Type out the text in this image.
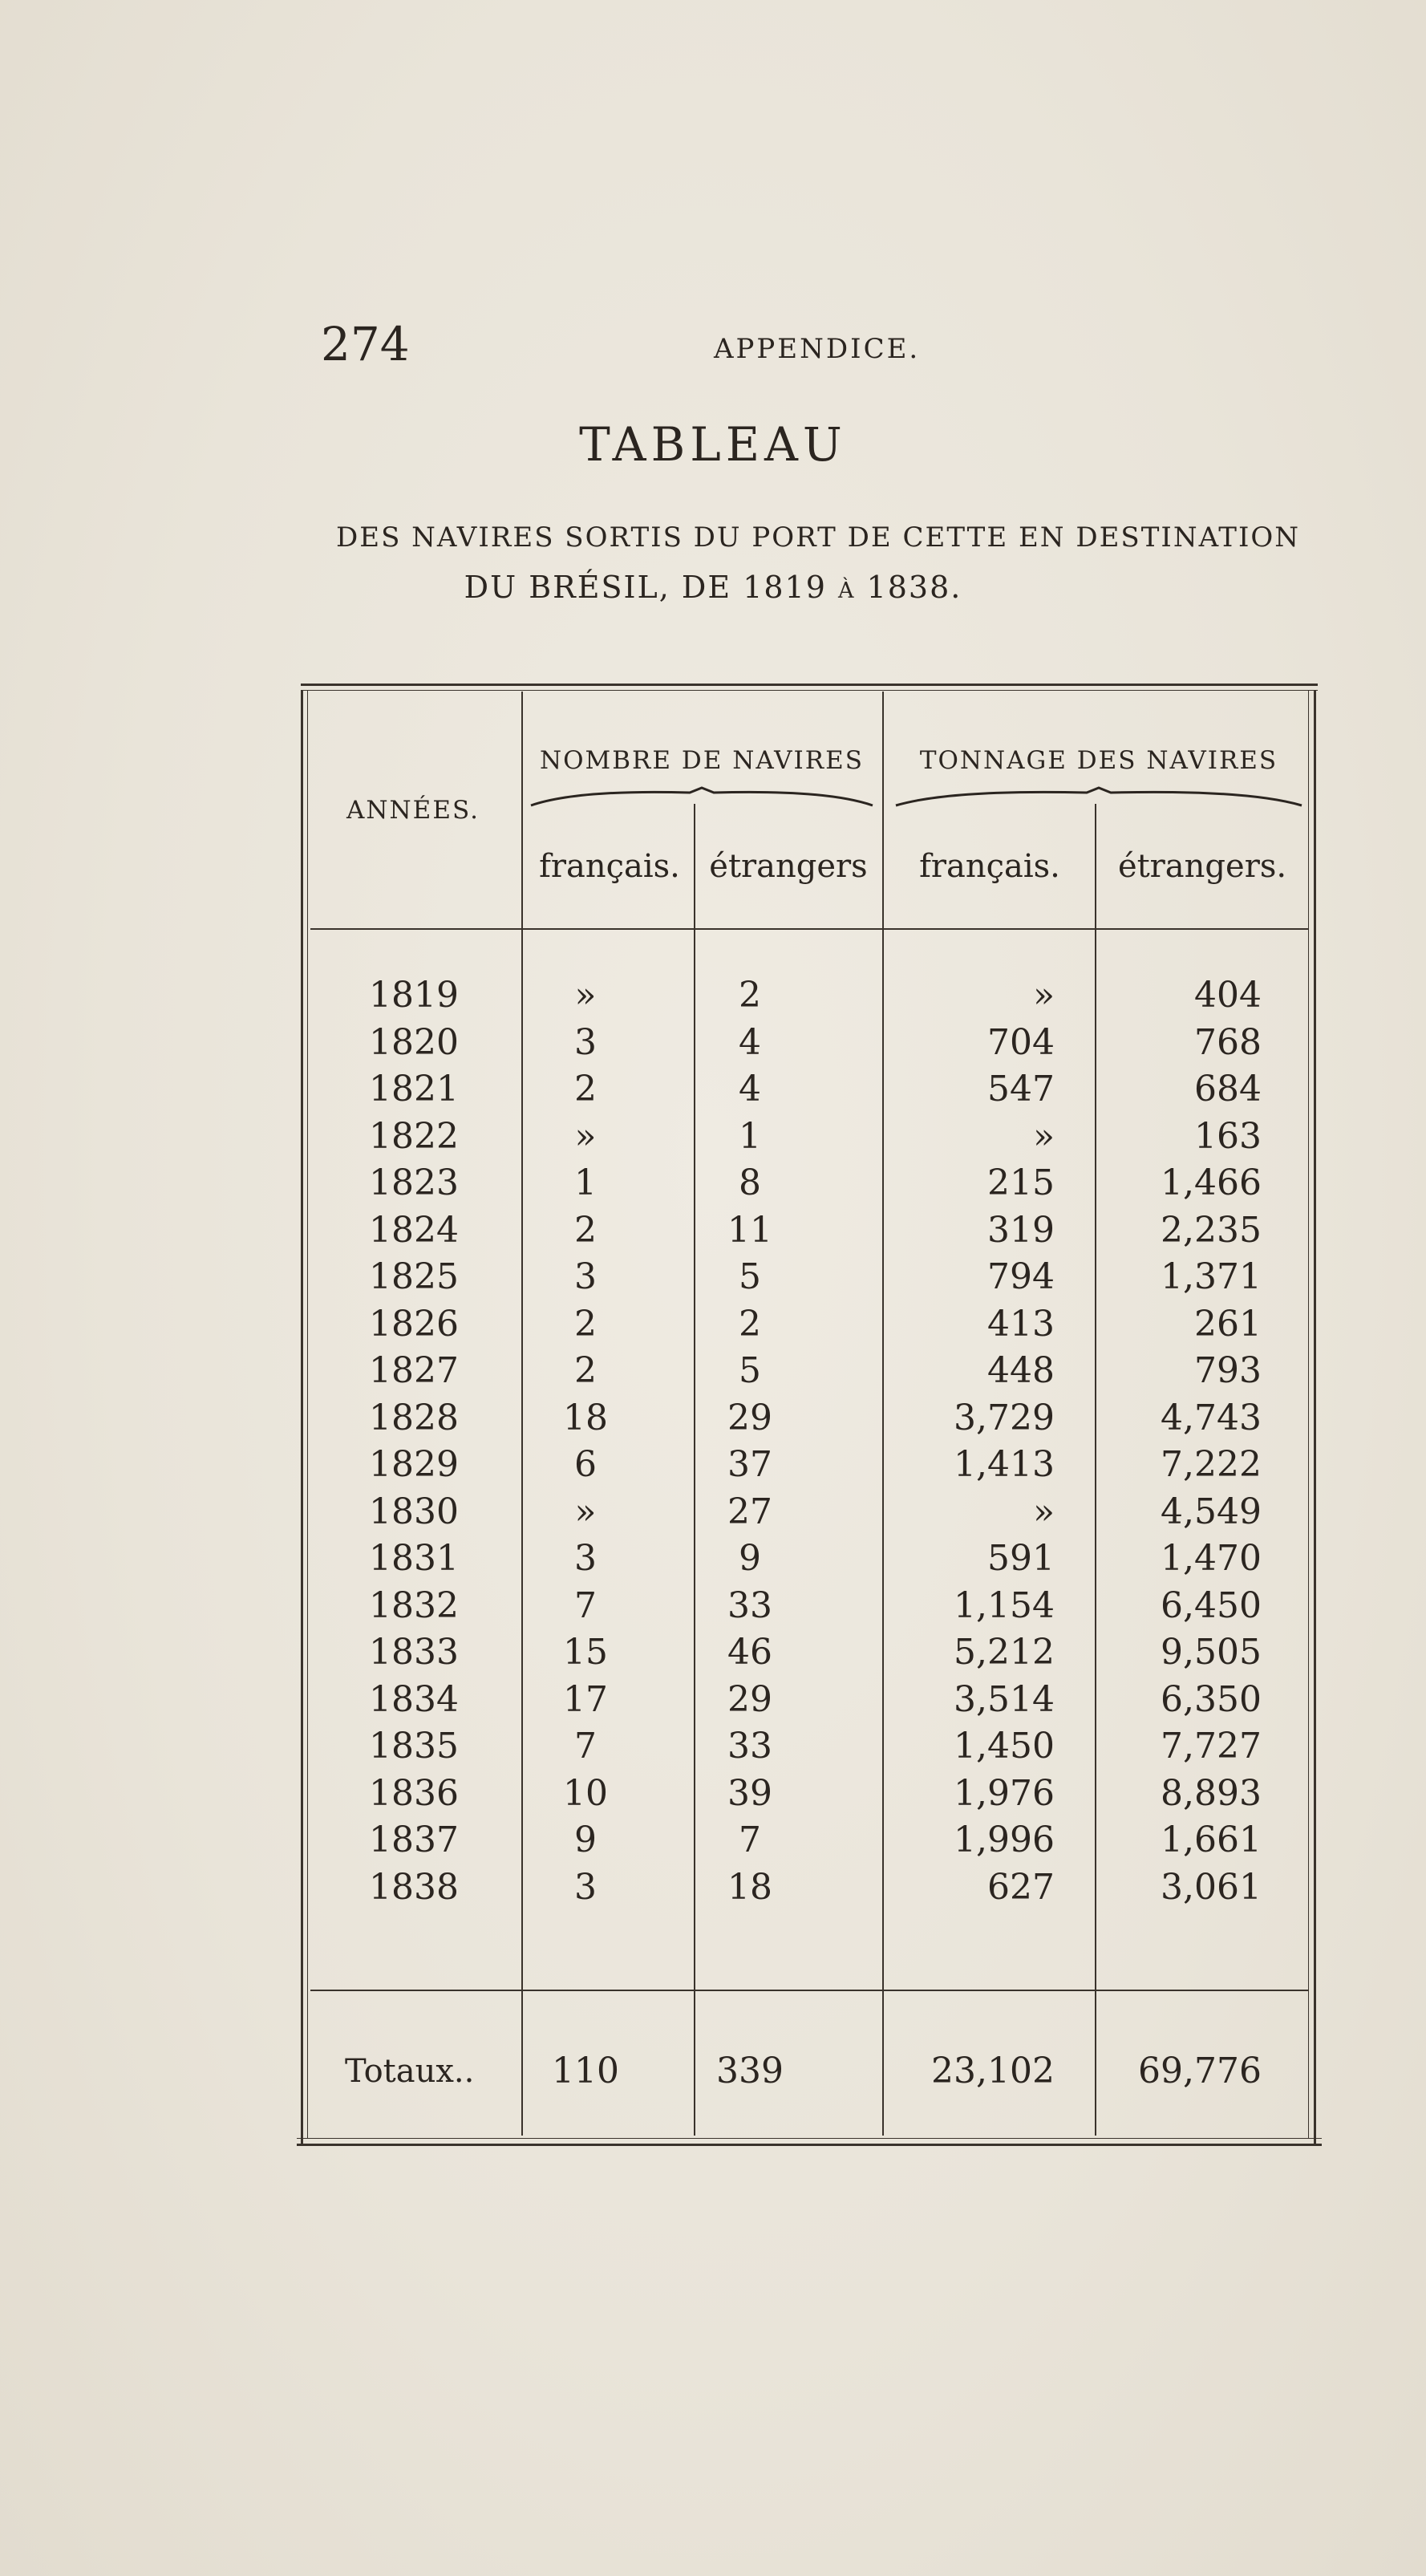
274	APPENDICE.
TABLEAU
DES NAVIRES SORTIS DU PORT DE CETTE EN DESTINATION
DU BRÉSIL, DE 1819 à 1838.
ANNÉES.
NOMBRE DE NAVIRES	TONNAGE DES NAVIRES
français. étrangers	français.	étrangers.
1819	»	2	»	404
1820	3	4	704	768
1821	2	4	547	684
1822	»	1	»	163
1823	1	8	215	1,466
1824	2	11	319	2,235
1825	3	5	794	1,371
1826	2	2	413	261
1827	2	5	448	793
1828	18	29	3,729	4,743
1829	6	37	1,413	7,222
1830	»	27	»	4,549
1831	3	9	591	1,470
1832	7	33	1,154	6,450
1833	15	46	5,212	9,505
1834	17	29	3,514	6,350
1835	7	33	1,450	7,727
1836	10	39	1,976	8,893
1837	9	7	1,996	1,661
1838	3	18	627	3,061
Totaux..	110	339	23,102	69,776
